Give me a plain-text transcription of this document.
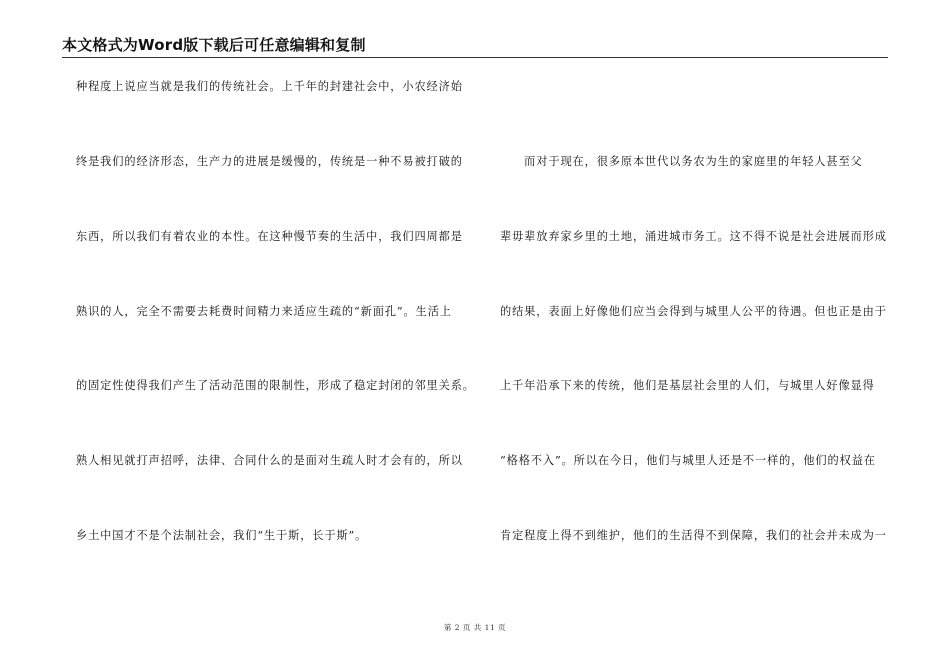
本文格式为Word版下载后可任意编辑和复制
种程度上说应当就是我们的传统社会。上千年的封建社会中，小农经济始
终是我们的经济形态，生产力的进展是缓慢的，传统是一种不易被打破的
东西，所以我们有着农业的本性。在这种慢节奏的生活中，我们四周都是
熟识的人，完全不需要去耗费时间精力来适应生疏的“新面孔”。生活上
的固定性使得我们产生了活动范围的限制性，形成了稳定封闭的邻里关系。
熟人相见就打声招呼，法律、合同什么的是面对生疏人时才会有的，所以
乡土中国才不是个法制社会，我们“生于斯，长于斯”。
　　而对于现在，很多原本世代以务农为生的家庭里的年轻人甚至父
辈毋辈放弃家乡里的土地，涌进城市务工。这不得不说是社会进展而形成
的结果，表面上好像他们应当会得到与城里人公平的待遇。但也正是由于
上千年沿承下来的传统，他们是基层社会里的人们，与城里人好像显得
“格格不入”。所以在今日，他们与城里人还是不一样的，他们的权益在
肯定程度上得不到维护，他们的生活得不到保障，我们的社会并未成为一
第 2 页 共 11 页
